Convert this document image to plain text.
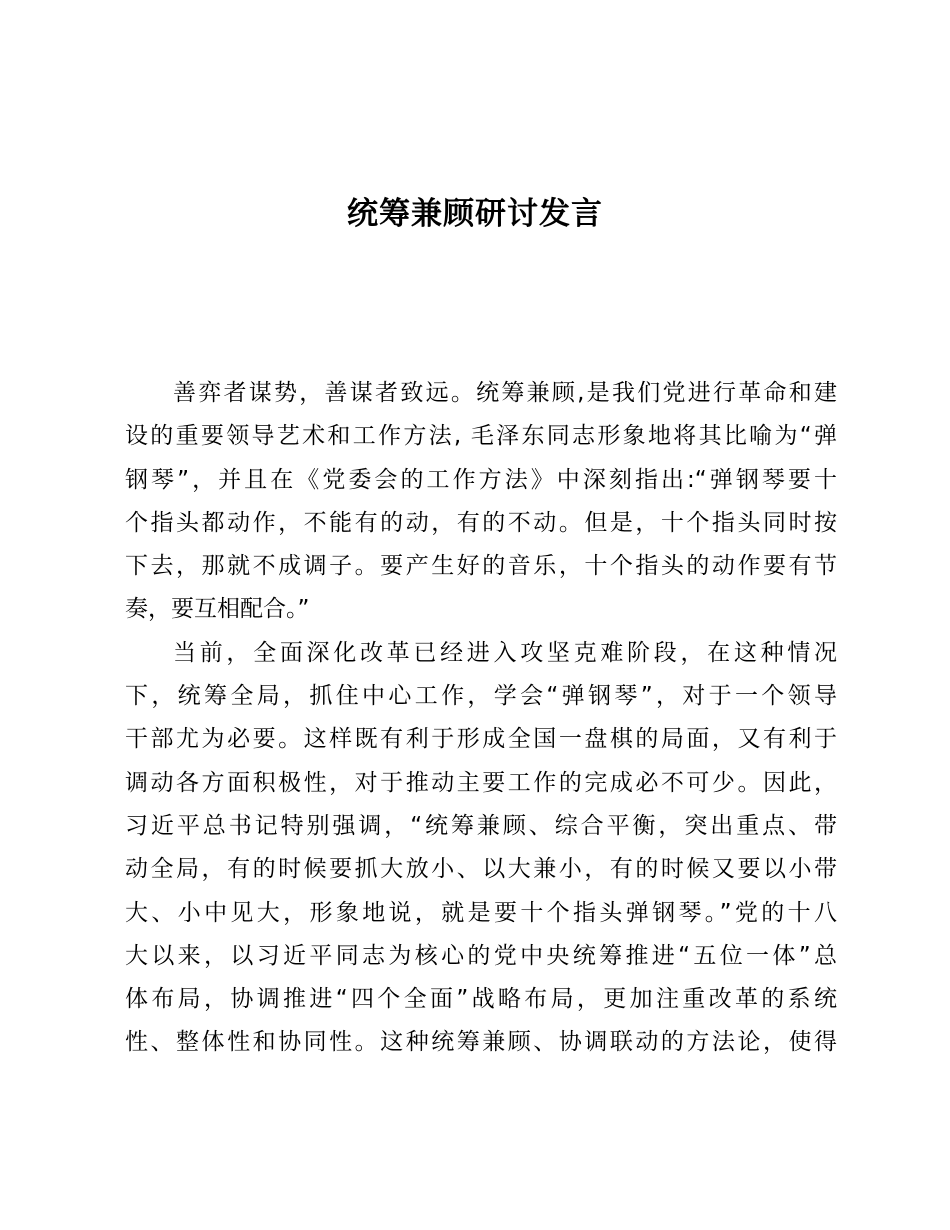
统筹兼顾研讨发言
善弈者谋势，善谋者致远。统筹兼顾,是我们党进行革命和建
设的重要领导艺术和工作方法, 毛泽东同志形象地将其比喻为“弹
钢琴”，并且在《党委会的工作方法》中深刻指出:“弹钢琴要十
个指头都动作，不能有的动，有的不动。但是，十个指头同时按
下去，那就不成调子。要产生好的音乐，十个指头的动作要有节
奏，要互相配合。”
当前，全面深化改革已经进入攻坚克难阶段，在这种情况
下，统筹全局，抓住中心工作，学会“弹钢琴”，对于一个领导
干部尤为必要。这样既有利于形成全国一盘棋的局面，又有利于
调动各方面积极性，对于推动主要工作的完成必不可少。因此，
习近平总书记特别强调，“统筹兼顾、综合平衡，突出重点、带
动全局，有的时候要抓大放小、以大兼小，有的时候又要以小带
大、小中见大，形象地说，就是要十个指头弹钢琴。”党的十八
大以来，以习近平同志为核心的党中央统筹推进“五位一体”总
体布局，协调推进“四个全面”战略布局，更加注重改革的系统
性、整体性和协同性。这种统筹兼顾、协调联动的方法论，使得
